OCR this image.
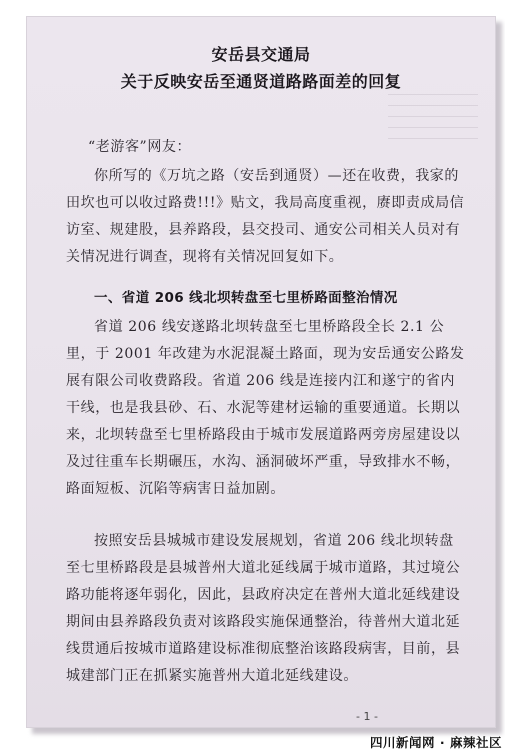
安岳县交通局
关于反映安岳至通贤道路路面差的回复
“老游客”网友：
你所写的《万坑之路（安岳到通贤）—还在收费，我家的田坎也可以收过路费!!!》贴文，我局高度重视，赓即责成局信访室、规建股，县养路段，县交投司、通安公司相关人员对有关情况进行调查，现将有关情况回复如下。
一、省道 206 线北坝转盘至七里桥路面整治情况
省道 206 线安遂路北坝转盘至七里桥路段全长 2.1 公里，于 2001 年改建为水泥混凝土路面，现为安岳通安公路发展有限公司收费路段。省道 206 线是连接内江和遂宁的省内干线，也是我县砂、石、水泥等建材运输的重要通道。长期以来，北坝转盘至七里桥路段由于城市发展道路两旁房屋建设以及过往重车长期碾压，水沟、涵洞破坏严重，导致排水不畅，路面短板、沉陷等病害日益加剧。
按照安岳县城城市建设发展规划，省道 206 线北坝转盘至七里桥路段是县城普州大道北延线属于城市道路，其过境公路功能将逐年弱化，因此，县政府决定在普州大道北延线建设期间由县养路段负责对该路段实施保通整治，待普州大道北延线贯通后按城市道路建设标准彻底整治该路段病害，目前，县城建部门正在抓紧实施普州大道北延线建设。
- 1 -
四川新闻网 · 麻辣社区
